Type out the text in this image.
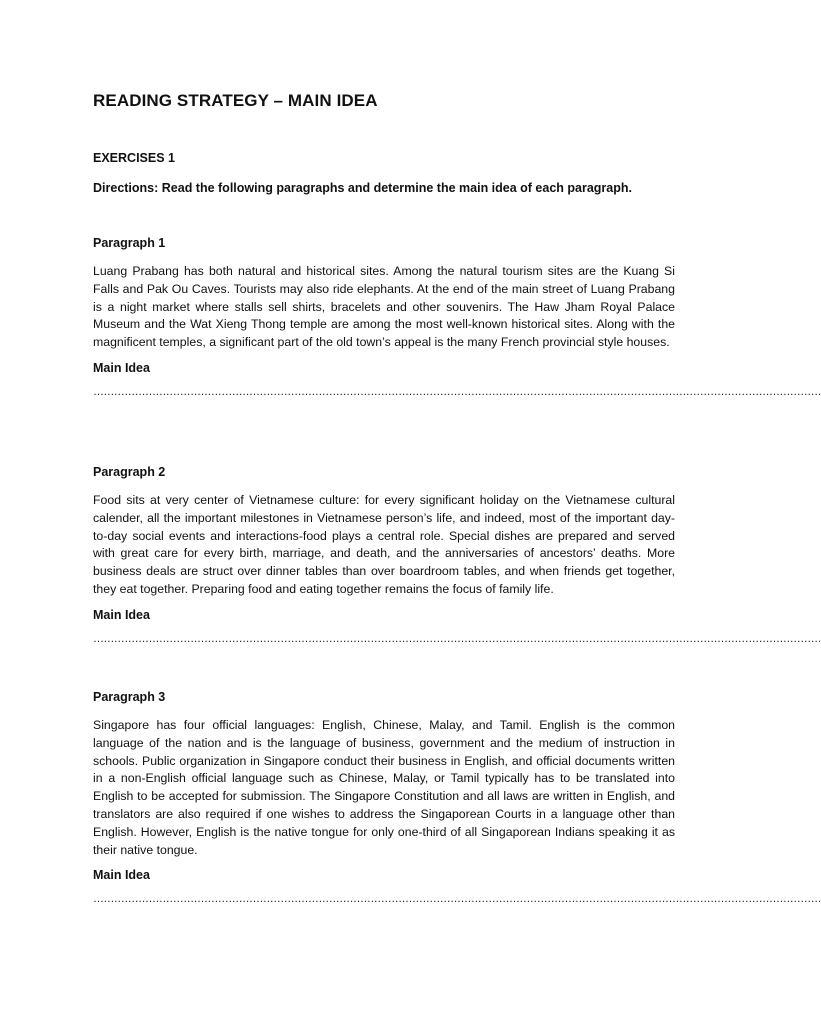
READING STRATEGY – MAIN IDEA

EXERCISES 1

Directions: Read the following paragraphs and determine the main idea of each paragraph.

Paragraph 1

Luang Prabang has both natural and historical sites. Among the natural tourism sites are the Kuang Si Falls and Pak Ou Caves. Tourists may also ride elephants. At the end of the main street of Luang Prabang is a night market where stalls sell shirts, bracelets and other souvenirs. The Haw Jham Royal Palace Museum and the Wat Xieng Thong temple are among the most well-known historical sites. Along with the magnificent temples, a significant part of the old town’s appeal is the many French provincial style houses.

Main Idea

…………………………………………………………………………………………………………………………………………………………………………………………

Paragraph 2

Food sits at very center of Vietnamese culture: for every significant holiday on the Vietnamese cultural calender, all the important milestones in Vietnamese person’s life, and indeed, most of the important day-to-day social events and interactions-food plays a central role. Special dishes are prepared and served with great care for every birth, marriage, and death, and the anniversaries of ancestors’ deaths. More business deals are struct over dinner tables than over boardroom tables, and when friends get together, they eat together. Preparing food and eating together remains the focus of family life.

Main Idea

…………………………………………………………………………………………………………………………………………………………………………………………

Paragraph 3

Singapore has four official languages: English, Chinese, Malay, and Tamil. English is the common language of the nation and is the language of business, government and the medium of instruction in schools. Public organization in Singapore conduct their business in English, and official documents written in a non-English official language such as Chinese, Malay, or Tamil typically has to be translated into English to be accepted for submission. The Singapore Constitution and all laws are written in English, and translators are also required if one wishes to address the Singaporean Courts in a language other than English. However, English is the native tongue for only one-third of all Singaporean Indians speaking it as their native tongue.

Main Idea

…………………………………………………………………………………………………………………………………………………………………………………………
